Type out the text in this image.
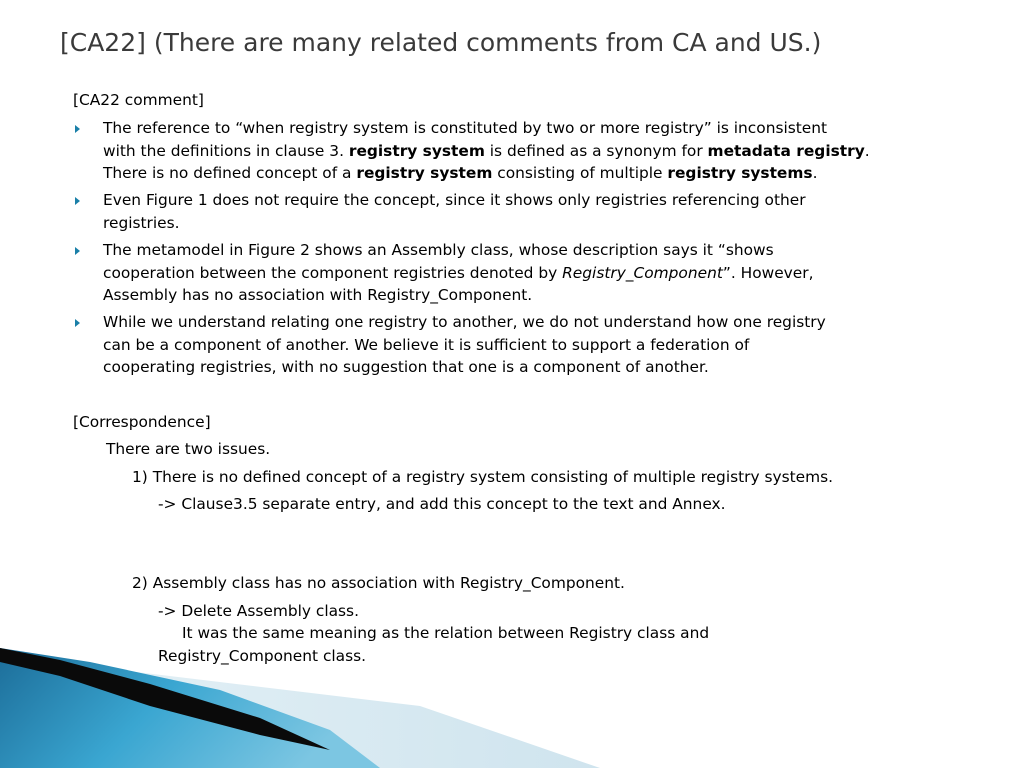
[CA22] (There are many related comments from CA and US.)
[CA22 comment]
The reference to “when registry system is constituted by two or more registry” is inconsistent
with the definitions in clause 3. registry system is defined as a synonym for metadata registry.
There is no defined concept of a registry system consisting of multiple registry systems.
Even Figure 1 does not require the concept, since it shows only registries referencing other
registries.
The metamodel in Figure 2 shows an Assembly class, whose description says it “shows
cooperation between the component registries denoted by Registry_Component”. However,
Assembly has no association with Registry_Component.
While we understand relating one registry to another, we do not understand how one registry
can be a component of another. We believe it is sufficient to support a federation of
cooperating registries, with no suggestion that one is a component of another.
[Correspondence]
There are two issues.
1) There is no defined concept of a registry system consisting of multiple registry systems.
-> Clause3.5 separate entry, and add this concept to the text and Annex.
2) Assembly class has no association with Registry_Component.
-> Delete Assembly class.
It was the same meaning as the relation between Registry class and
Registry_Component class.
